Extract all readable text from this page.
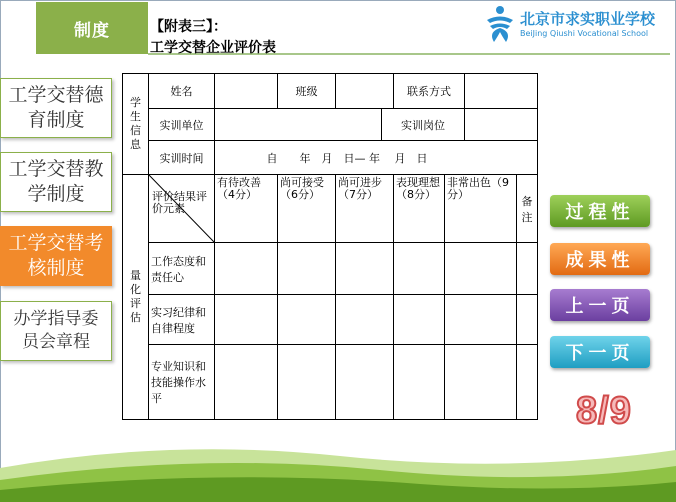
制度	【附表三】：
工学交替企业评价表
北京市求实职业学校
BeiJing Qiushi Vocational School
工学交替德育制度
工学交替教学制度
工学交替考核制度
办学指导委员会章程
学生信息	姓名		班级			联系方式			
	实训单位				实训岗位				
	实训时间	自　　年　月　日— 年　 月　日							
量化评估	评价结果评价元素	有待改善（4分）	尚可接受（6分）	尚可进步（7分）		表现理想（8分）	非常出色（9分）		备注
	工作态度和责任心								
	实习纪律和自律程度								
	专业知识和技能操作水平								
过程性
成果性
上一页
下一页
8/9
